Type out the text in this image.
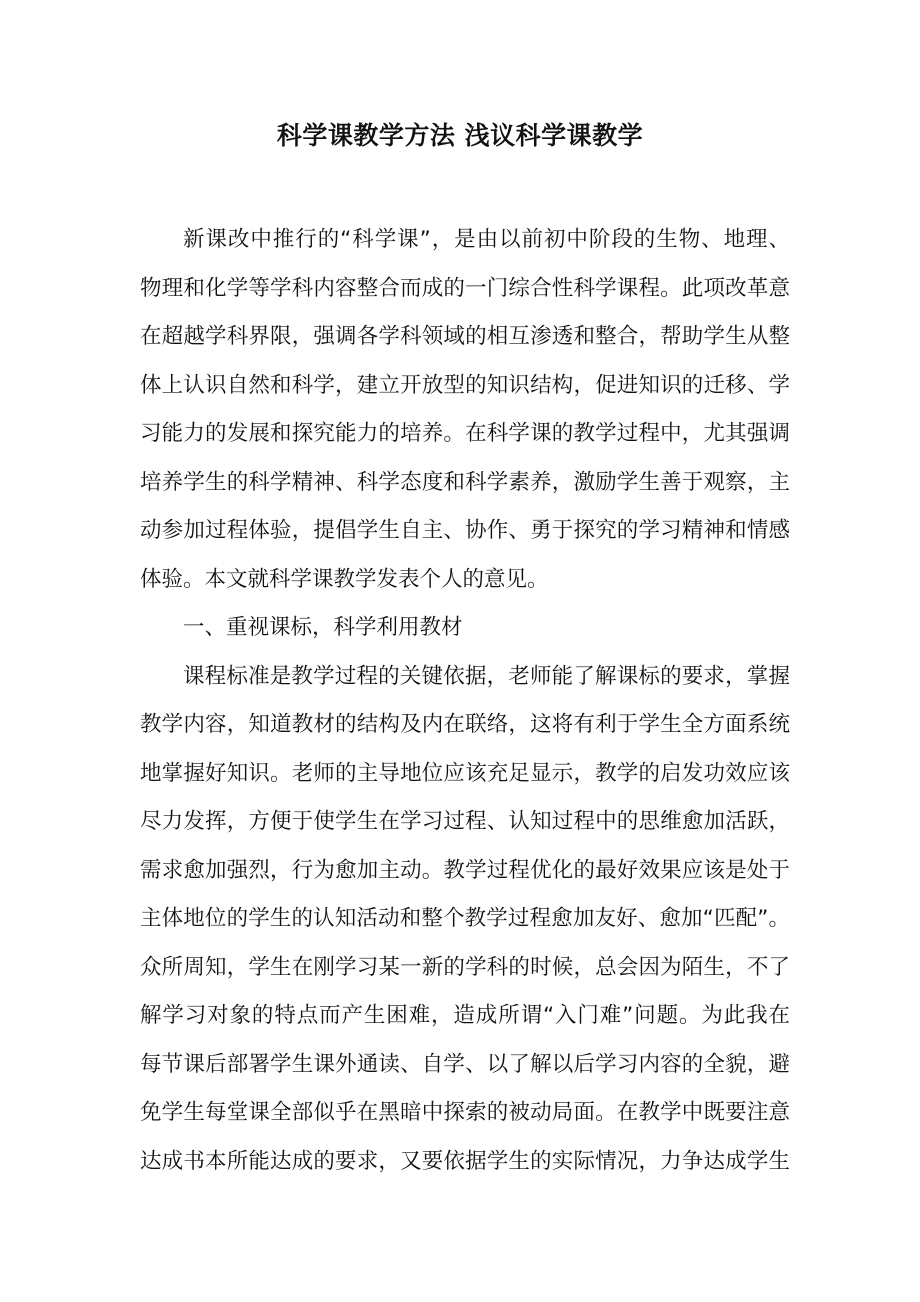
科学课教学方法 浅议科学课教学
新课改中推行的“科学课”，是由以前初中阶段的生物、地理、
物理和化学等学科内容整合而成的一门综合性科学课程。此项改革意
在超越学科界限，强调各学科领域的相互渗透和整合，帮助学生从整
体上认识自然和科学，建立开放型的知识结构，促进知识的迁移、学
习能力的发展和探究能力的培养。在科学课的教学过程中，尤其强调
培养学生的科学精神、科学态度和科学素养，激励学生善于观察，主
动参加过程体验，提倡学生自主、协作、勇于探究的学习精神和情感
体验。本文就科学课教学发表个人的意见。
一、重视课标，科学利用教材
课程标准是教学过程的关键依据，老师能了解课标的要求，掌握
教学内容，知道教材的结构及内在联络，这将有利于学生全方面系统
地掌握好知识。老师的主导地位应该充足显示，教学的启发功效应该
尽力发挥，方便于使学生在学习过程、认知过程中的思维愈加活跃，
需求愈加强烈，行为愈加主动。教学过程优化的最好效果应该是处于
主体地位的学生的认知活动和整个教学过程愈加友好、愈加“匹配”。
众所周知，学生在刚学习某一新的学科的时候，总会因为陌生，不了
解学习对象的特点而产生困难，造成所谓“入门难”问题。为此我在
每节课后部署学生课外通读、自学、以了解以后学习内容的全貌，避
免学生每堂课全部似乎在黑暗中探索的被动局面。在教学中既要注意
达成书本所能达成的要求，又要依据学生的实际情况，力争达成学生
